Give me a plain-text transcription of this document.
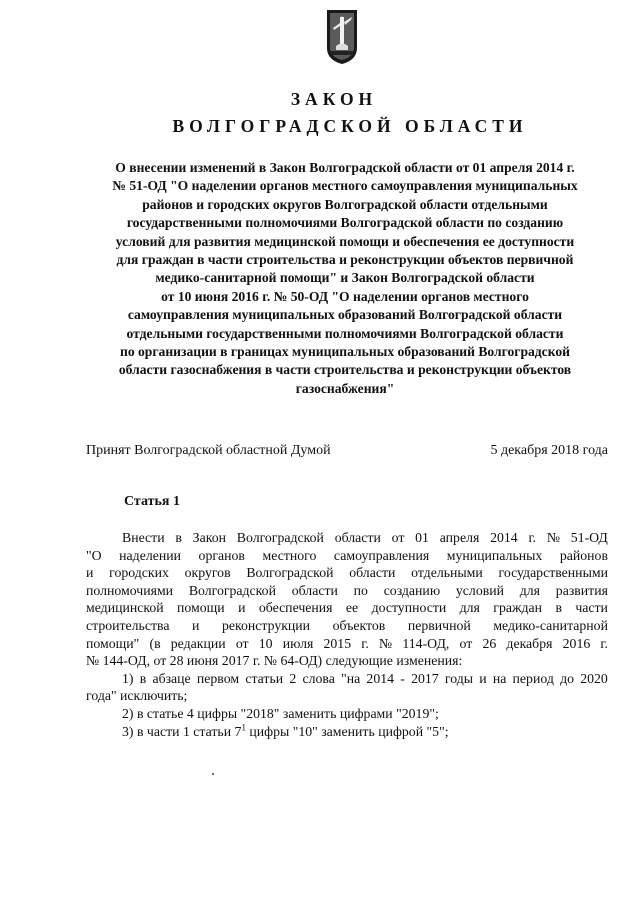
ЗАКОН
ВОЛГОГРАДСКОЙ ОБЛАСТИ
О внесении изменений в Закон Волгоградской области от 01 апреля 2014 г.
№ 51-ОД "О наделении органов местного самоуправления муниципальных
районов и городских округов Волгоградской области отдельными
государственными полномочиями Волгоградской области по созданию
условий для развития медицинской помощи и обеспечения ее доступности
для граждан в части строительства и реконструкции объектов первичной
медико-санитарной помощи" и Закон Волгоградской области
от 10 июня 2016 г. № 50-ОД "О наделении органов местного
самоуправления муниципальных образований Волгоградской области
отдельными государственными полномочиями Волгоградской области
по организации в границах муниципальных образований Волгоградской
области газоснабжения в части строительства и реконструкции объектов
газоснабжения"
Принят Волгоградской областной Думой	5 декабря 2018 года
Статья 1
Внести в Закон Волгоградской области от 01 апреля 2014 г. № 51-ОД
"О наделении органов местного самоуправления муниципальных районов
и городских округов Волгоградской области отдельными государственными
полномочиями Волгоградской области по созданию условий для развития
медицинской помощи и обеспечения ее доступности для граждан в части
строительства и реконструкции объектов первичной медико-санитарной
помощи" (в редакции от 10 июля 2015 г. № 114-ОД, от 26 декабря 2016 г.
№ 144-ОД, от 28 июня 2017 г. № 64-ОД) следующие изменения:
1) в абзаце первом статьи 2 слова "на 2014 - 2017 годы и на период до 2020
года" исключить;
2) в статье 4 цифры "2018" заменить цифрами "2019";
3) в части 1 статьи $7^1$ цифры "10" заменить цифрой "5";
